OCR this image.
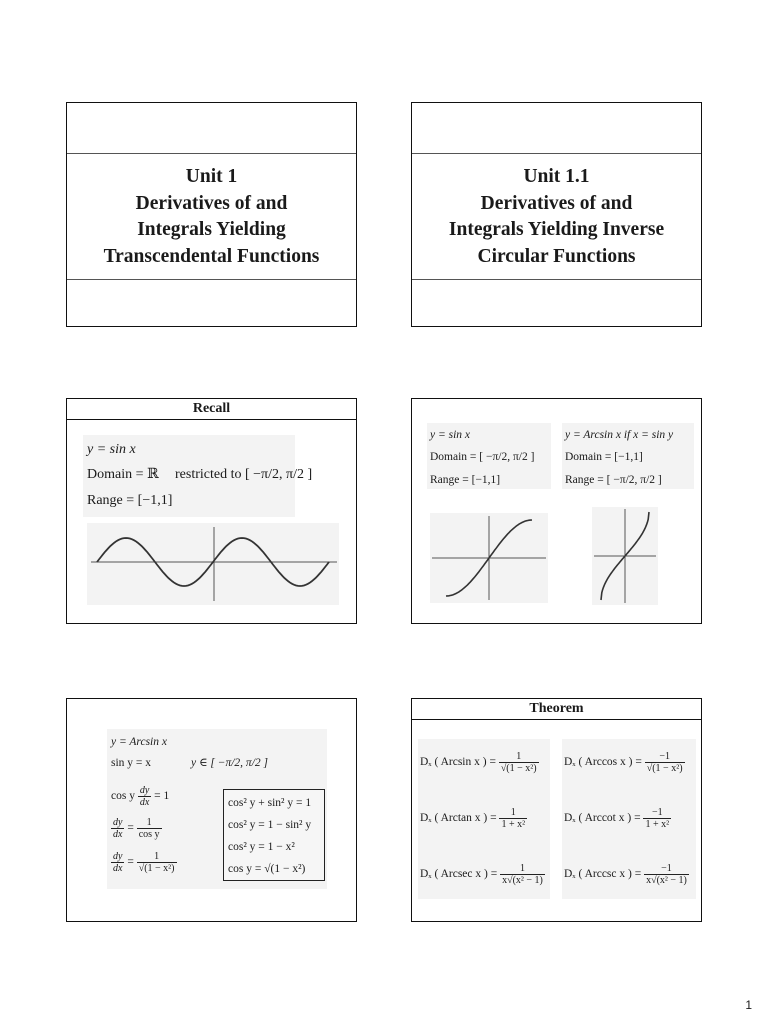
Unit 1
Derivatives of and
Integrals Yielding
Transcendental Functions
Unit 1.1
Derivatives of and
Integrals Yielding Inverse
Circular Functions
Recall
y = sin x
Domain = ℝ restricted to [ −π/2, π/2 ]
Range = [−1,1]
y = sin x
Domain = [ −π/2, π/2 ]
Range = [−1,1]
y = Arcsin x if x = sin y
Domain = [−1,1]
Range = [ −π/2, π/2 ]
y = Arcsin x
sin y = x	y ∈ [ −π/2, π/2 ]
cos y $\frac{dy}{dx} = 1$
$\frac{dy}{dx} = \frac{1}{\text{cos y}}$
$\frac{dy}{dx} = \frac{1}{\text{√(1 − x²)}}$
cos² y + sin² y = 1
cos² y = 1 − sin² y
cos² y = 1 − x²
cos y = √(1 − x²)
Theorem
Dₓ ( Arcsin x ) = $\frac{1}{\text{√(1 − x²)}}$ Dₓ ( Arccos x ) = $\frac{-1}{\text{√(1 − x²)}}$
Dₓ ( Arctan x ) = $\frac{1}{\text{1 + x²}}$	Dₓ ( Arccot x ) = $\frac{-1}{\text{1 + x²}}$
Dₓ ( Arcsec x ) = $\frac{1}{\text{x√(x² − 1)}}$ Dₓ ( Arccsc x ) = $\frac{-1}{\text{x√(x² − 1)}}$
1
